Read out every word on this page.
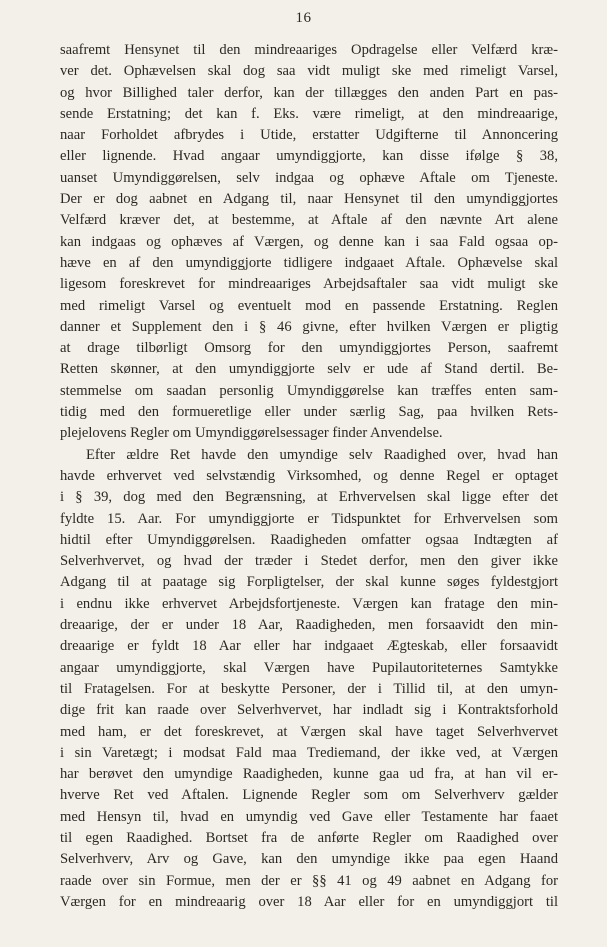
16
saafremt Hensynet til den mindreaariges Opdragelse eller Velfærd kræ-
ver det. Ophævelsen skal dog saa vidt muligt ske med rimeligt Varsel,
og hvor Billighed taler derfor, kan der tillægges den anden Part en pas-
sende Erstatning; det kan f. Eks. være rimeligt, at den mindreaarige,
naar Forholdet afbrydes i Utide, erstatter Udgifterne til Annoncering
eller lignende. Hvad angaar umyndiggjorte, kan disse ifølge § 38,
uanset Umyndiggørelsen, selv indgaa og ophæve Aftale om Tjeneste.
Der er dog aabnet en Adgang til, naar Hensynet til den umyndiggjortes
Velfærd kræver det, at bestemme, at Aftale af den nævnte Art alene
kan indgaas og ophæves af Værgen, og denne kan i saa Fald ogsaa op-
hæve en af den umyndiggjorte tidligere indgaaet Aftale. Ophævelse skal
ligesom foreskrevet for mindreaariges Arbejdsaftaler saa vidt muligt ske
med rimeligt Varsel og eventuelt mod en passende Erstatning. Reglen
danner et Supplement den i § 46 givne, efter hvilken Værgen er pligtig
at drage tilbørligt Omsorg for den umyndiggjortes Person, saafremt
Retten skønner, at den umyndiggjorte selv er ude af Stand dertil. Be-
stemmelse om saadan personlig Umyndiggørelse kan træffes enten sam-
tidig med den formueretlige eller under særlig Sag, paa hvilken Rets-
plejelovens Regler om Umyndiggørelsessager finder Anvendelse.
Efter ældre Ret havde den umyndige selv Raadighed over, hvad han
havde erhvervet ved selvstændig Virksomhed, og denne Regel er optaget
i § 39, dog med den Begrænsning, at Erhvervelsen skal ligge efter det
fyldte 15. Aar. For umyndiggjorte er Tidspunktet for Erhvervelsen som
hidtil efter Umyndiggørelsen. Raadigheden omfatter ogsaa Indtægten af
Selverhvervet, og hvad der træder i Stedet derfor, men den giver ikke
Adgang til at paatage sig Forpligtelser, der skal kunne søges fyldestgjort
i endnu ikke erhvervet Arbejdsfortjeneste. Værgen kan fratage den min-
dreaarige, der er under 18 Aar, Raadigheden, men forsaavidt den min-
dreaarige er fyldt 18 Aar eller har indgaaet Ægteskab, eller forsaavidt
angaar umyndiggjorte, skal Værgen have Pupilautoriteternes Samtykke
til Fratagelsen. For at beskytte Personer, der i Tillid til, at den umyn-
dige frit kan raade over Selverhvervet, har indladt sig i Kontraktsforhold
med ham, er det foreskrevet, at Værgen skal have taget Selverhvervet
i sin Varetægt; i modsat Fald maa Trediemand, der ikke ved, at Værgen
har berøvet den umyndige Raadigheden, kunne gaa ud fra, at han vil er-
hverve Ret ved Aftalen. Lignende Regler som om Selverhverv gælder
med Hensyn til, hvad en umyndig ved Gave eller Testamente har faaet
til egen Raadighed. Bortset fra de anførte Regler om Raadighed over
Selverhverv, Arv og Gave, kan den umyndige ikke paa egen Haand
raade over sin Formue, men der er §§ 41 og 49 aabnet en Adgang for
Værgen for en mindreaarig over 18 Aar eller for en umyndiggjort til
